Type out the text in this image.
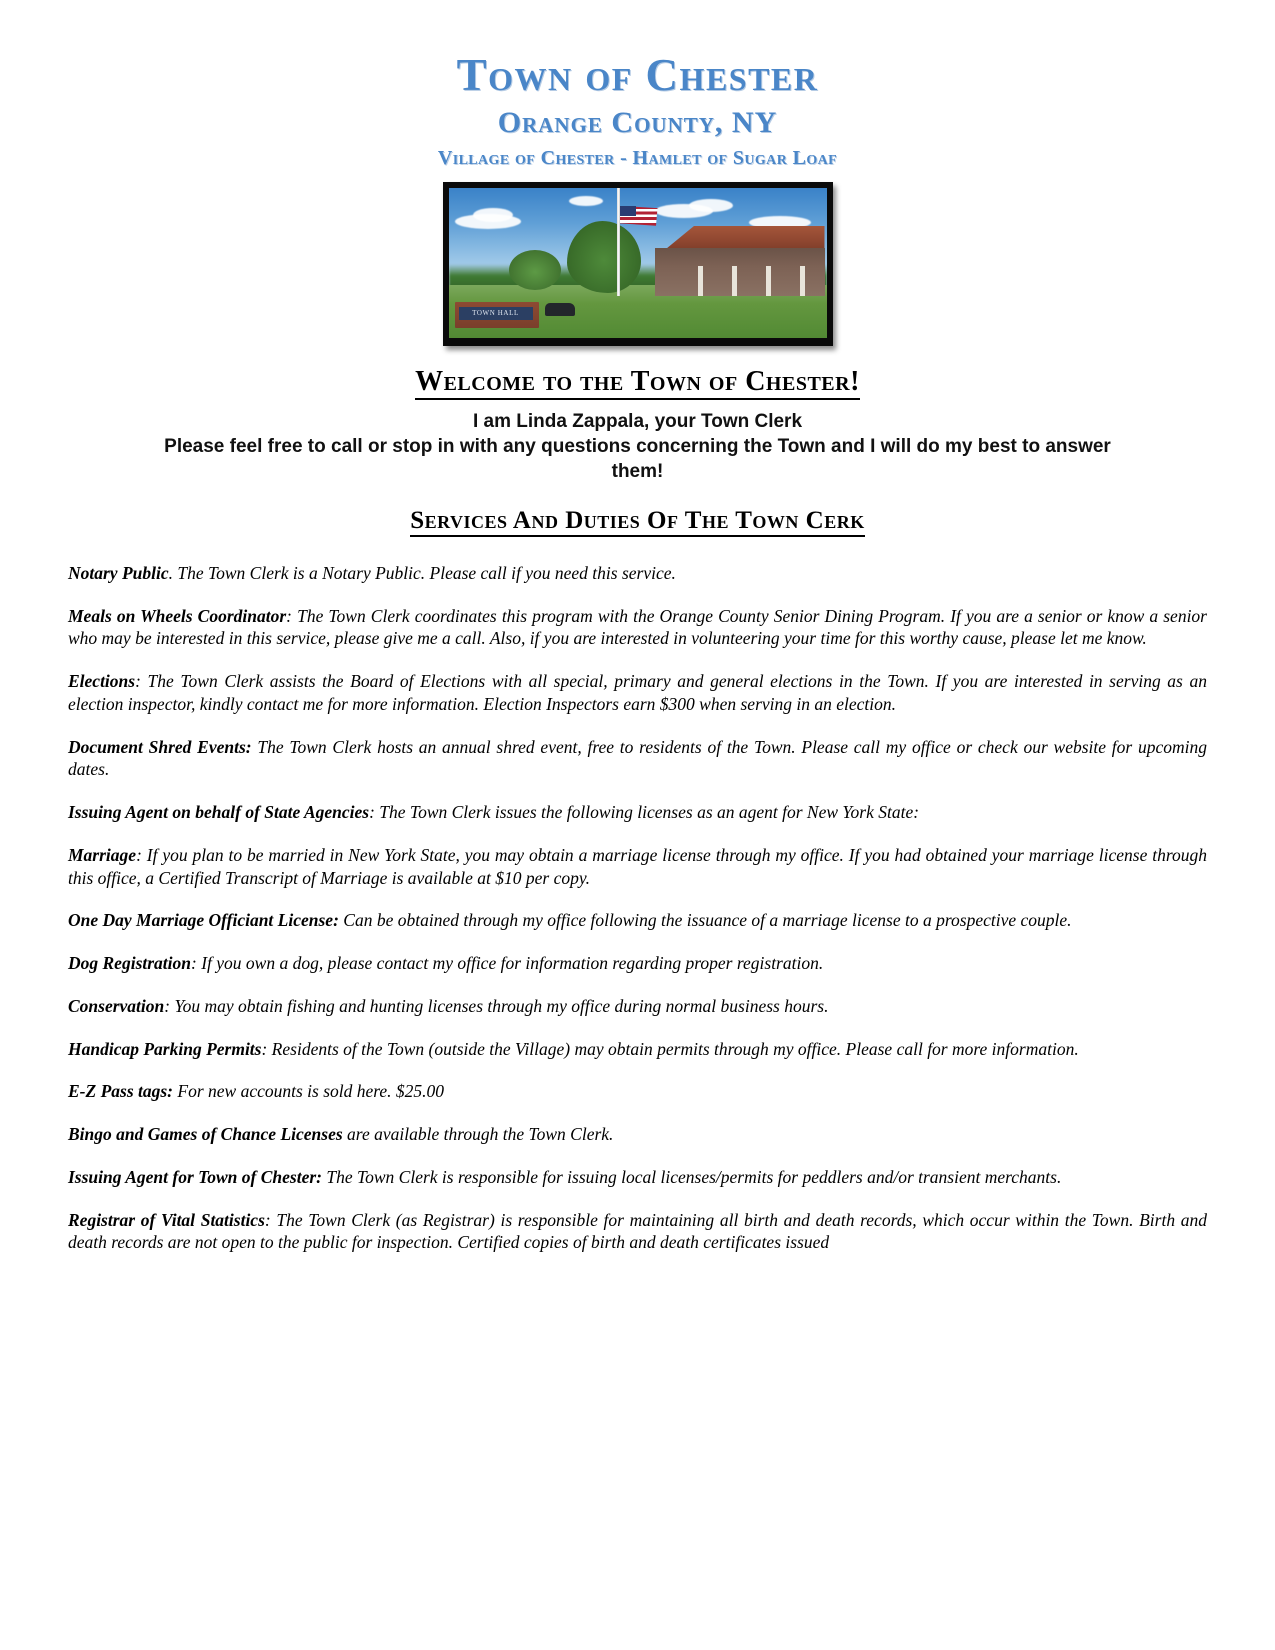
Town of Chester
Orange County, NY
Village of Chester - Hamlet of Sugar Loaf
TOWN HALL
Welcome to the Town of Chester!
I am Linda Zappala, your Town Clerk
Please feel free to call or stop in with any questions concerning the Town and I will do my best to answer them!
Services And Duties Of The Town Cerk

Notary Public. The Town Clerk is a Notary Public. Please call if you need this service.

Meals on Wheels Coordinator: The Town Clerk coordinates this program with the Orange County Senior Dining Program. If you are a senior or know a senior who may be interested in this service, please give me a call. Also, if you are interested in volunteering your time for this worthy cause, please let me know.

Elections: The Town Clerk assists the Board of Elections with all special, primary and general elections in the Town. If you are interested in serving as an election inspector, kindly contact me for more information. Election Inspectors earn $300 when serving in an election.

Document Shred Events: The Town Clerk hosts an annual shred event, free to residents of the Town. Please call my office or check our website for upcoming dates.

Issuing Agent on behalf of State Agencies: The Town Clerk issues the following licenses as an agent for New York State:

Marriage: If you plan to be married in New York State, you may obtain a marriage license through my office. If you had obtained your marriage license through this office, a Certified Transcript of Marriage is available at $10 per copy.

One Day Marriage Officiant License: Can be obtained through my office following the issuance of a marriage license to a prospective couple.

Dog Registration: If you own a dog, please contact my office for information regarding proper registration.

Conservation: You may obtain fishing and hunting licenses through my office during normal business hours.

Handicap Parking Permits: Residents of the Town (outside the Village) may obtain permits through my office. Please call for more information.

E-Z Pass tags: For new accounts is sold here. $25.00

Bingo and Games of Chance Licenses are available through the Town Clerk.

Issuing Agent for Town of Chester: The Town Clerk is responsible for issuing local licenses/permits for peddlers and/or transient merchants.

Registrar of Vital Statistics: The Town Clerk (as Registrar) is responsible for maintaining all birth and death records, which occur within the Town. Birth and death records are not open to the public for inspection. Certified copies of birth and death certificates issued
